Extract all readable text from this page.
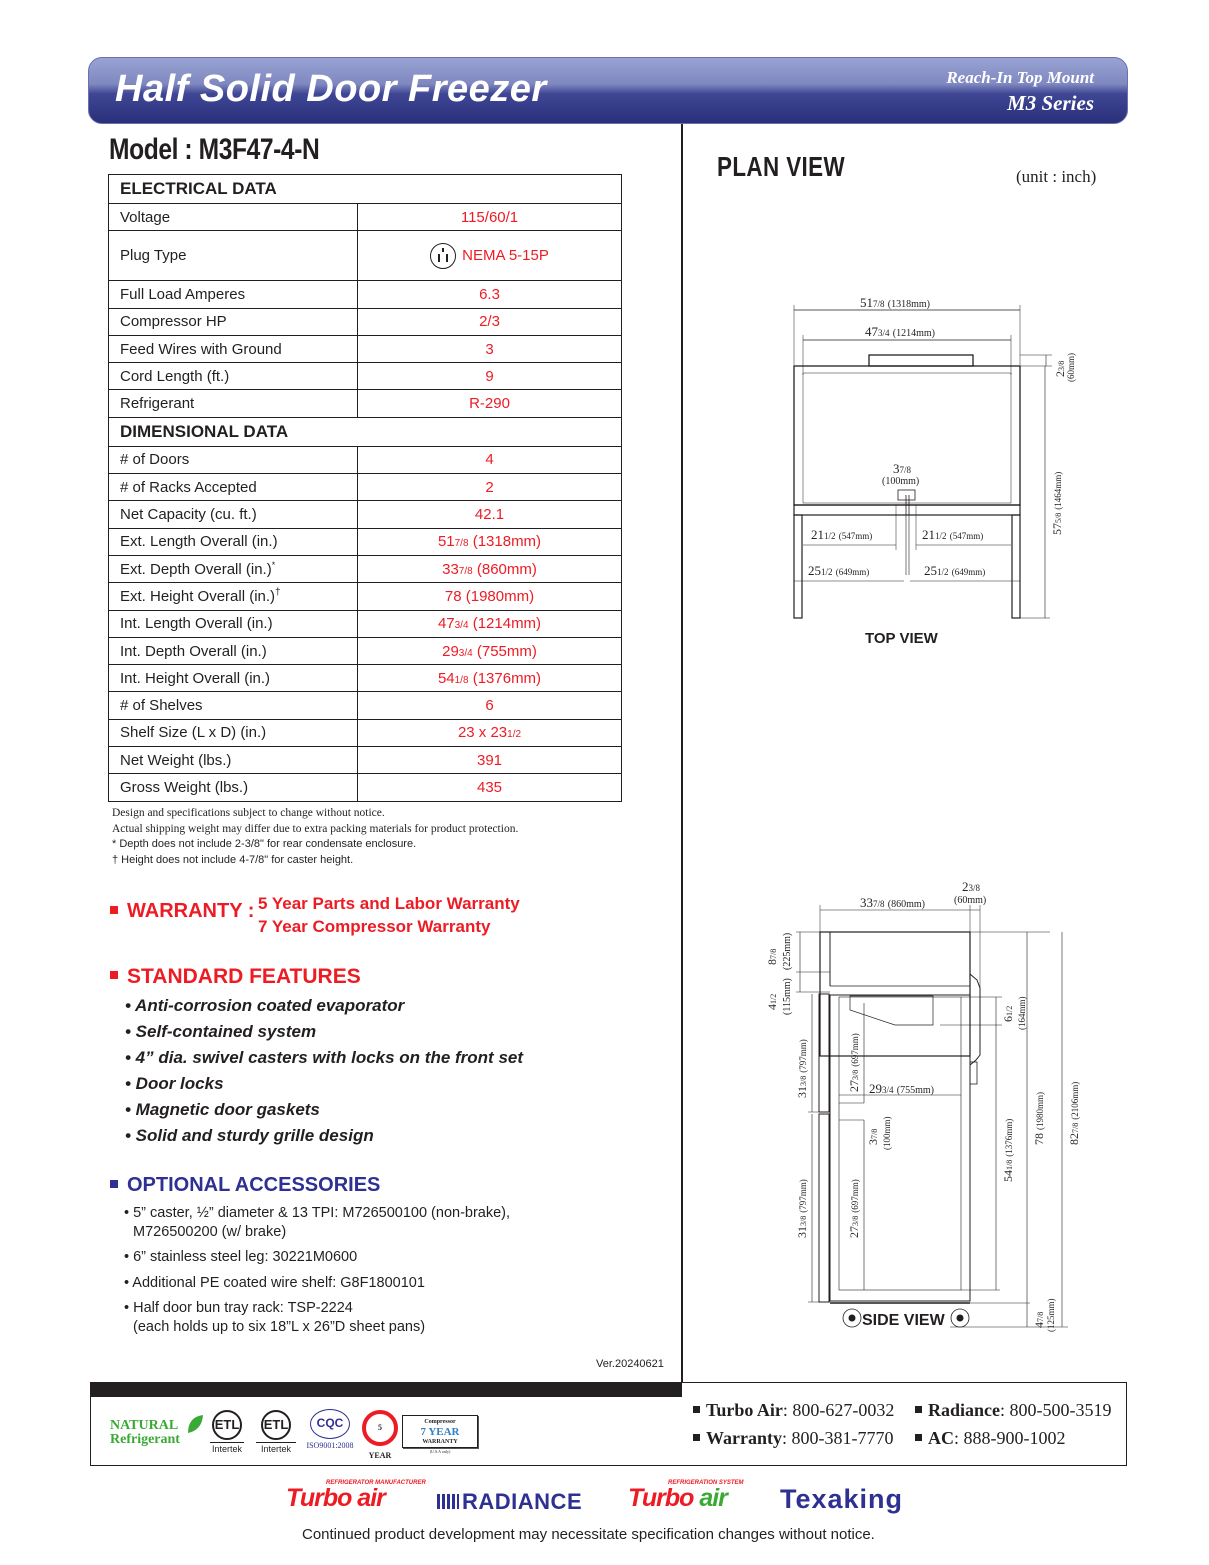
Half Solid Door Freezer	Reach-In Top Mount
M3 Series
Model : M3F47-4-N
ELECTRICAL DATA	
Voltage	115/60/1
Plug Type	NEMA 5-15P
Full Load Amperes	6.3
Compressor HP	2/3
Feed Wires with Ground	3
Cord Length (ft.)	9
Refrigerant	R-290
DIMENSIONAL DATA	
# of Doors	4
# of Racks Accepted	2
Net Capacity (cu. ft.)	42.1
Ext. Length Overall (in.)	517/8 (1318mm)
Ext. Depth Overall (in.)*	337/8 (860mm)
Ext. Height Overall (in.)†	78 (1980mm)
Int. Length Overall (in.)	473/4 (1214mm)
Int. Depth Overall (in.)	293/4 (755mm)
Int. Height Overall (in.)	541/8 (1376mm)
# of Shelves	6
Shelf Size (L x D) (in.)	23 x 231/2
Net Weight (lbs.)	391
Gross Weight (lbs.)	435
Design and specifications subject to change without notice.
Actual shipping weight may differ due to extra packing materials for product protection.
* Depth does not include 2-3/8" for rear condensate enclosure.
† Height does not include 4-7/8" for caster height.
WARRANTY : 5 Year Parts and Labor Warranty
7 Year Compressor Warranty
STANDARD FEATURES
• Anti-corrosion coated evaporator
• Self-contained system
• 4” dia. swivel casters with locks on the front set
• Door locks
• Magnetic door gaskets
• Solid and sturdy grille design
OPTIONAL ACCESSORIES
• 5” caster, ½” diameter & 13 TPI: M726500100 (non-brake),
M726500200 (w/ brake)
• 6” stainless steel leg: 30221M0600
• Additional PE coated wire shelf: G8F1800101
• Half door bun tray rack: TSP-2224
(each holds up to six 18”L x 26”D sheet pans)
Ver.20240621
PLAN VIEW	(unit : inch)
517/8 (1318mm)
473/4 (1214mm)
37/8
(100mm)
211/2 (547mm)	211/2 (547mm)
251/2 (649mm)	251/2 (649mm)
23/8 (60mm)
575/8 (1464mm)
TOP VIEW
337/8 (860mm)
23/8
(60mm)
87/8 (225mm)
41/2 (115mm)
313/8 (797mm)
313/8 (797mm)
273/8 (697mm)
273/8 (697mm)
293/4 (755mm)
37/8 (100mm)
61/2 (164mm)
541/8 (1376mm) 78 (1980mm)
827/8 (2106mm)
47/8 (125mm)
SIDE VIEW
NATURAL
Refrigerant
ETL
Intertek
ETL
Intertek
CQC
ISO9001:2008
5 YEAR
Compressor
7 YEAR
WARRANTY
(U.S.A only)
Turbo Air: 800-627-0032 Radiance: 800-500-3519
Warranty: 800-381-7770 AC: 888-900-1002
REFRIGERATOR MANUFACTURER
Turbo air	RADIANCE
REFRIGERATION SYSTEM
Turbo air	Texaking
Continued product development may necessitate specification changes without notice.
